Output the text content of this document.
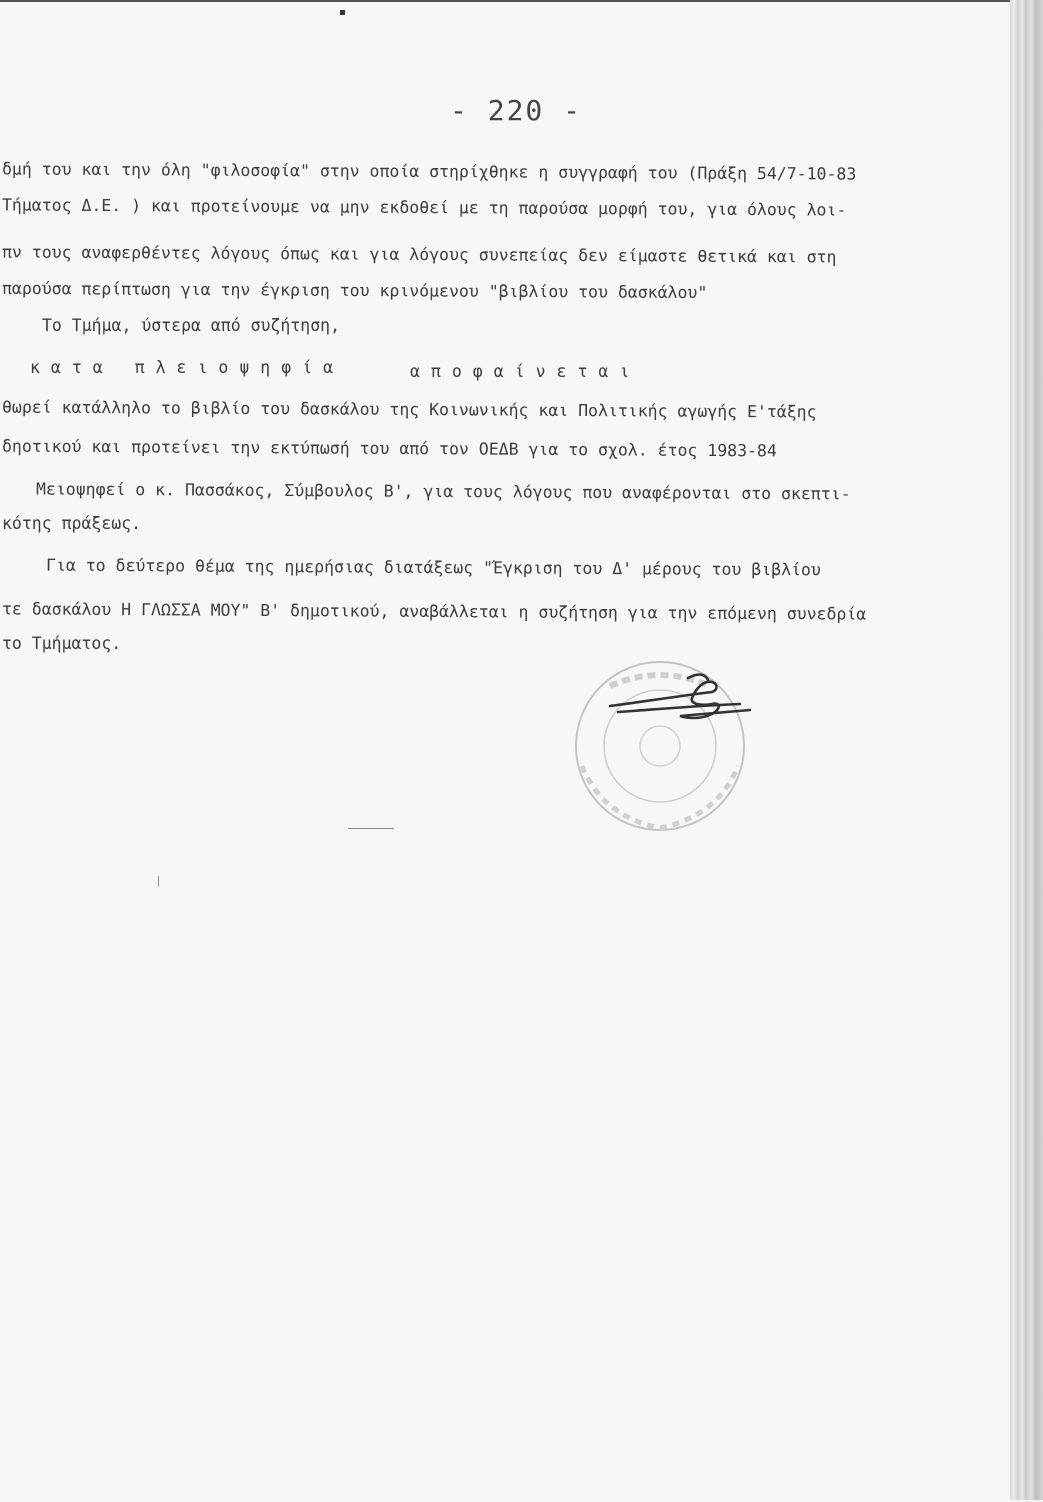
- 220 -
δμή του και την όλη "φιλοσοφία" στην οποία στηρίχθηκε η συγγραφή του (Πράξη 54/7-10-83
Τήματος Δ.Ε. ) και προτείνουμε να μην εκδοθεί με τη παρούσα μορφή του, για όλους λοι-
πν τους αναφερθέντες λόγους όπως και για λόγους συνεπείας δεν είμαστε θετικά και στη
παρούσα περίπτωση για την έγκριση του κρινόμενου "βιβλίου του δασκάλου"
Το Τμήμα, ύστερα από συζήτηση,
κατα πλειοψηφία	αποφαίνεται
θωρεί κατάλληλο το βιβλίο του δασκάλου της Κοινωνικής και Πολιτικής αγωγής Ε'τάξης
δηοτικού και προτείνει την εκτύπωσή του από τον ΟΕΔΒ για το σχολ. έτος 1983-84
Μειοψηφεί ο κ. Πασσάκος, Σύμβουλος Β', για τους λόγους που αναφέρονται στο σκεπτι-
κότης πράξεως.
Για το δεύτερο θέμα της ημερήσιας διατάξεως "Έγκριση του Δ' μέρους του βιβλίου
τε δασκάλου Η ΓΛΩΣΣΑ ΜΟΥ" Β' δημοτικού, αναβάλλεται η συζήτηση για την επόμενη συνεδρία
το Τμήματος.
